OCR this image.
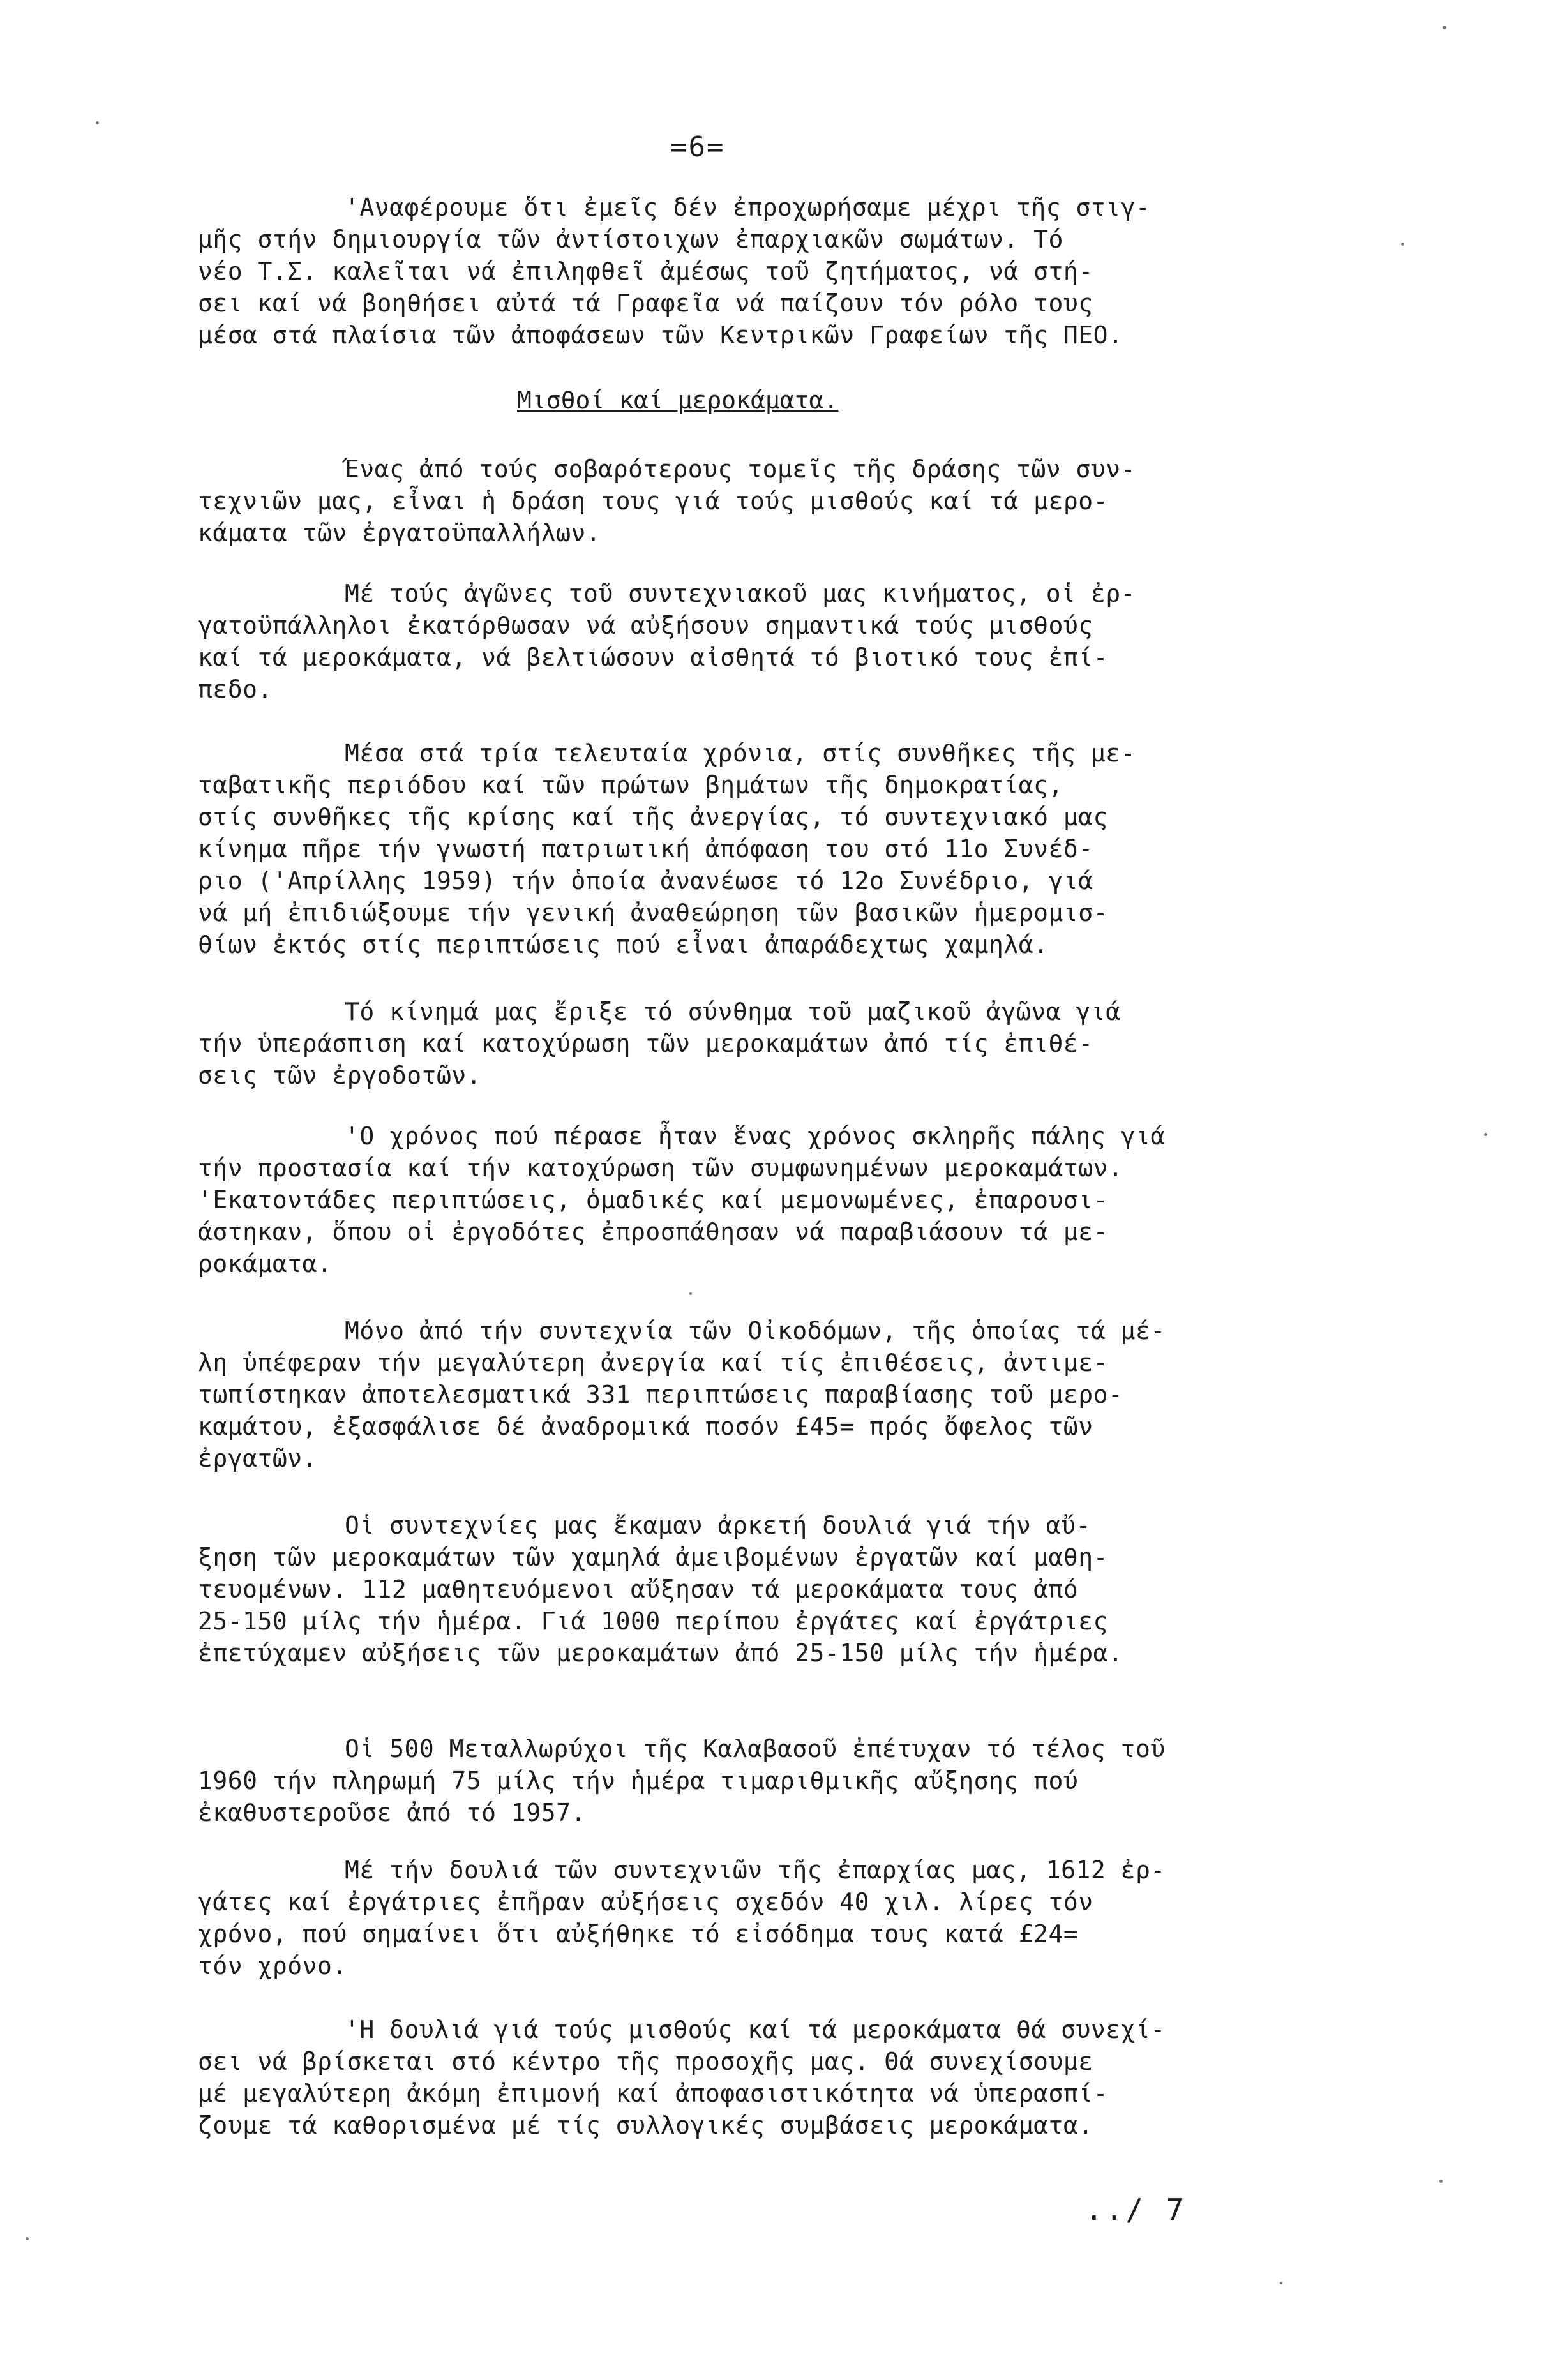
=6=
'Αναφέρουμε ὅτι ἐμεῖς δέν ἐπροχωρήσαμε μέχρι τῆς στιγ-
μῆς στήν δημιουργία τῶν ἀντίστοιχων ἐπαρχιακῶν σωμάτων. Τό
νέο Τ.Σ. καλεῖται νά ἐπιληφθεῖ ἀμέσως τοῦ ζητήματος, νά στή-
σει καί νά βοηθήσει αὐτά τά Γραφεῖα νά παίζουν τόν ρόλο τους
μέσα στά πλαίσια τῶν ἀποφάσεων τῶν Κεντρικῶν Γραφείων τῆς ΠΕΟ.
Μισθοί καί μεροκάματα.
Ένας ἀπό τούς σοβαρότερους τομεῖς τῆς δράσης τῶν συν-
τεχνιῶν μας, εἶναι ἡ δράση τους γιά τούς μισθούς καί τά μερο-
κάματα τῶν ἐργατοϋπαλλήλων.
Μέ τούς ἀγῶνες τοῦ συντεχνιακοῦ μας κινήματος, οἱ ἐρ-
γατοϋπάλληλοι ἐκατόρθωσαν νά αὐξήσουν σημαντικά τούς μισθούς
καί τά μεροκάματα, νά βελτιώσουν αἰσθητά τό βιοτικό τους ἐπί-
πεδο.
Μέσα στά τρία τελευταία χρόνια, στίς συνθῆκες τῆς με-
ταβατικῆς περιόδου καί τῶν πρώτων βημάτων τῆς δημοκρατίας,
στίς συνθῆκες τῆς κρίσης καί τῆς ἀνεργίας, τό συντεχνιακό μας
κίνημα πῆρε τήν γνωστή πατριωτική ἀπόφαση του στό 11ο Συνέδ-
ριο ('Απρίλλης 1959) τήν ὁποία ἀνανέωσε τό 12ο Συνέδριο, γιά
νά μή ἐπιδιώξουμε τήν γενική ἀναθεώρηση τῶν βασικῶν ἡμερομισ-
θίων ἐκτός στίς περιπτώσεις πού εἶναι ἀπαράδεχτως χαμηλά.
Τό κίνημά μας ἔριξε τό σύνθημα τοῦ μαζικοῦ ἀγῶνα γιά
τήν ὑπεράσπιση καί κατοχύρωση τῶν μεροκαμάτων ἀπό τίς ἐπιθέ-
σεις τῶν ἐργοδοτῶν.
'Ο χρόνος πού πέρασε ἦταν ἕνας χρόνος σκληρῆς πάλης γιά
τήν προστασία καί τήν κατοχύρωση τῶν συμφωνημένων μεροκαμάτων.
'Εκατοντάδες περιπτώσεις, ὁμαδικές καί μεμονωμένες, ἐπαρουσι-
άστηκαν, ὅπου οἱ ἐργοδότες ἐπροσπάθησαν νά παραβιάσουν τά με-
ροκάματα.
Μόνο ἀπό τήν συντεχνία τῶν Οἰκοδόμων, τῆς ὁποίας τά μέ-
λη ὑπέφεραν τήν μεγαλύτερη ἀνεργία καί τίς ἐπιθέσεις, ἀντιμε-
τωπίστηκαν ἀποτελεσματικά 331 περιπτώσεις παραβίασης τοῦ μερο-
καμάτου, ἐξασφάλισε δέ ἀναδρομικά ποσόν £45= πρός ὄφελος τῶν
ἐργατῶν.
Οἱ συντεχνίες μας ἔκαμαν ἀρκετή δουλιά γιά τήν αὔ-
ξηση τῶν μεροκαμάτων τῶν χαμηλά ἀμειβομένων ἐργατῶν καί μαθη-
τευομένων. 112 μαθητευόμενοι αὔξησαν τά μεροκάματα τους ἀπό
25-150 μίλς τήν ἡμέρα. Γιά 1000 περίπου ἐργάτες καί ἐργάτριες
ἐπετύχαμεν αὐξήσεις τῶν μεροκαμάτων ἀπό 25-150 μίλς τήν ἡμέρα.
Οἱ 500 Μεταλλωρύχοι τῆς Καλαβασοῦ ἐπέτυχαν τό τέλος τοῦ
1960 τήν πληρωμή 75 μίλς τήν ἡμέρα τιμαριθμικῆς αὔξησης πού
ἐκαθυστεροῦσε ἀπό τό 1957.
Μέ τήν δουλιά τῶν συντεχνιῶν τῆς ἐπαρχίας μας, 1612 ἐρ-
γάτες καί ἐργάτριες ἐπῆραν αὐξήσεις σχεδόν 40 χιλ. λίρες τόν
χρόνο, πού σημαίνει ὅτι αὐξήθηκε τό εἰσόδημα τους κατά £24=
τόν χρόνο.
'Η δουλιά γιά τούς μισθούς καί τά μεροκάματα θά συνεχί-
σει νά βρίσκεται στό κέντρο τῆς προσοχῆς μας. Θά συνεχίσουμε
μέ μεγαλύτερη ἀκόμη ἐπιμονή καί ἀποφασιστικότητα νά ὑπερασπί-
ζουμε τά καθορισμένα μέ τίς συλλογικές συμβάσεις μεροκάματα.
../ 7
